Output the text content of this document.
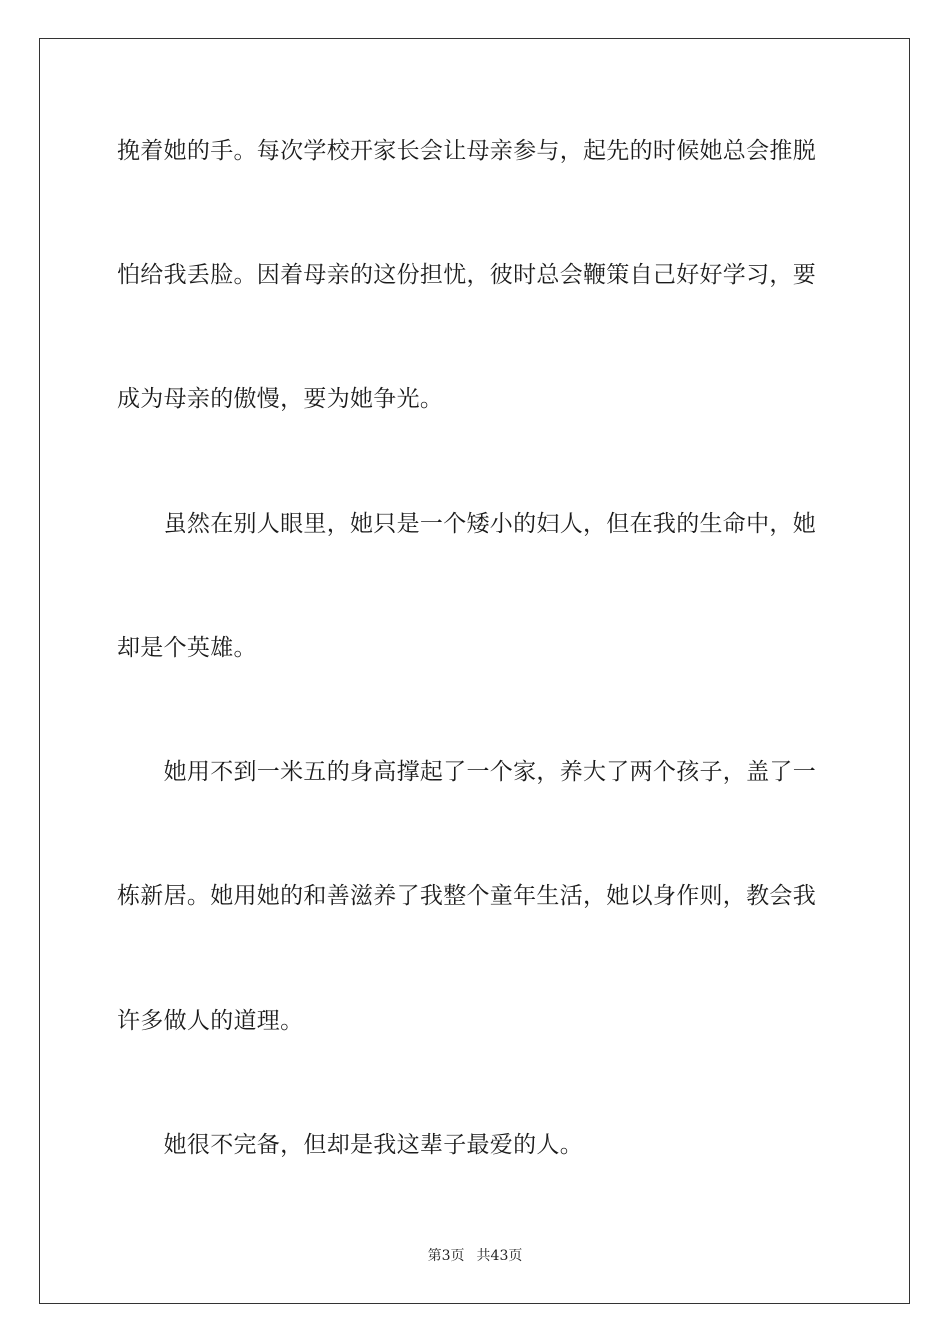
挽着她的手。每次学校开家长会让母亲参与，起先的时候她总会推脱
怕给我丢脸。因着母亲的这份担忧，彼时总会鞭策自己好好学习，要
成为母亲的傲慢，要为她争光。
　　虽然在别人眼里，她只是一个矮小的妇人，但在我的生命中，她
却是个英雄。
　　她用不到一米五的身高撑起了一个家，养大了两个孩子，盖了一
栋新居。她用她的和善滋养了我整个童年生活，她以身作则，教会我
许多做人的道理。
　　她很不完备，但却是我这辈子最爱的人。
第3页 共43页
